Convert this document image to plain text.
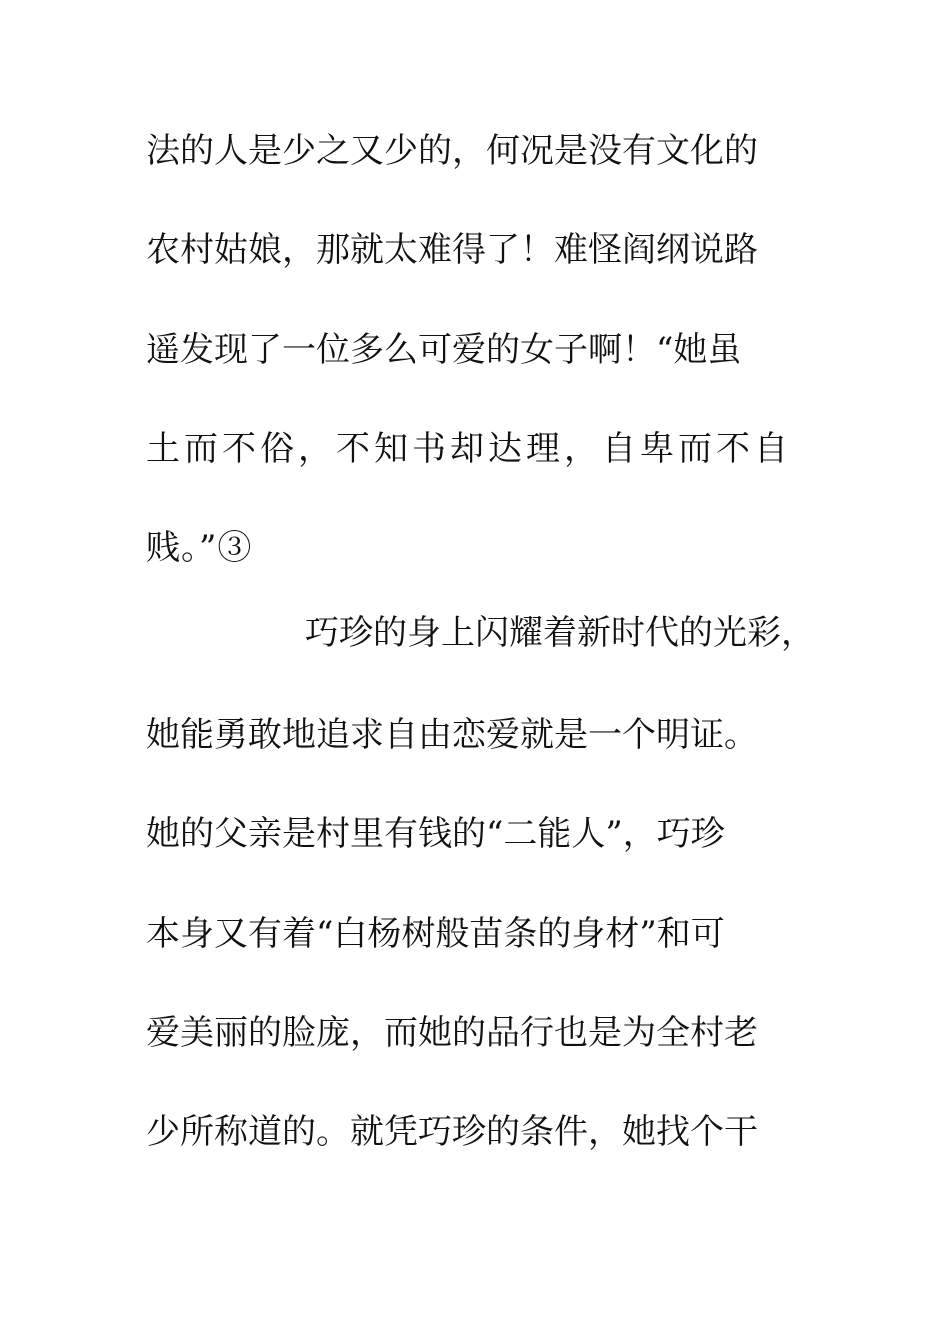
法的人是少之又少的，何况是没有文化的
农村姑娘，那就太难得了！难怪阎纲说路
遥发现了一位多么可爱的女子啊！“她虽
土而不俗，不知书却达理，自卑而不自
贱。”③
巧珍的身上闪耀着新时代的光彩，
她能勇敢地追求自由恋爱就是一个明证。
她的父亲是村里有钱的“二能人”，巧珍
本身又有着“白杨树般苗条的身材”和可
爱美丽的脸庞，而她的品行也是为全村老
少所称道的。就凭巧珍的条件，她找个干
